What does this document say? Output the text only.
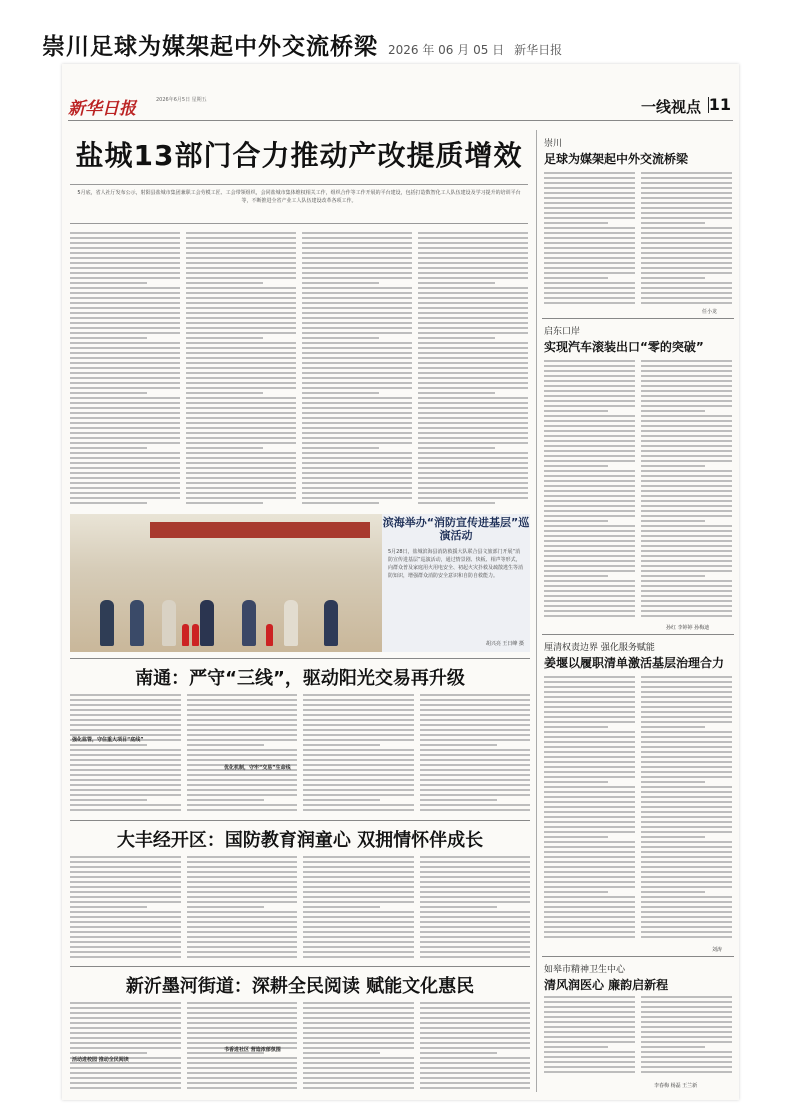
崇川足球为媒架起中外交流桥梁 2026 年 06 月 05 日 新华日报
新华日报	2026年6月5日 星期五	一线视点 11
盐城13部门合力推动产改提质增效
5月底，省人社厅发布公示，射阳县盐城市集团兼职工会劳模工匠、工会带领组织，会同盐城市集体维权相关工作，组织合作等工作开展的平台建设，包括打造数智化工人队伍建设及学习提升的培训平台等，不断推进全省产业工人队伍建设改革各项工作。
滨海举办“消防宣传进基层”巡演活动
5月28日，盐城滨海县消防救援大队联合县文旅部门开展“消防宣传进基层”巡演活动，通过情景剧、快板、相声等形式，向群众普及家庭用火用电安全、初起火灾扑救及疏散逃生等消防知识，增强群众消防安全意识和自防自救能力。
胡兴亮 王日峰 摄
南通：严守“三线”，驱动阳光交易再升级
强化监管，守住重大项目“底线”
优化机制，守牢“交易”生命线
大丰经开区：国防教育润童心 双拥情怀伴成长
新沂墨河街道：深耕全民阅读 赋能文化惠民
活动进校园 推动全民阅读
书香进社区 营造浓郁氛围
崇川
足球为媒架起中外交流桥梁
任小龙
启东口岸
实现汽车滚装出口“零的突破”
孙红 李婷婷 孙梅迪
厘清权责边界 强化服务赋能
姜堰以履职清单激活基层治理合力
刘涛
如皋市精神卫生中心
清风润医心 廉韵启新程
李春梅 杨磊 王兰新
